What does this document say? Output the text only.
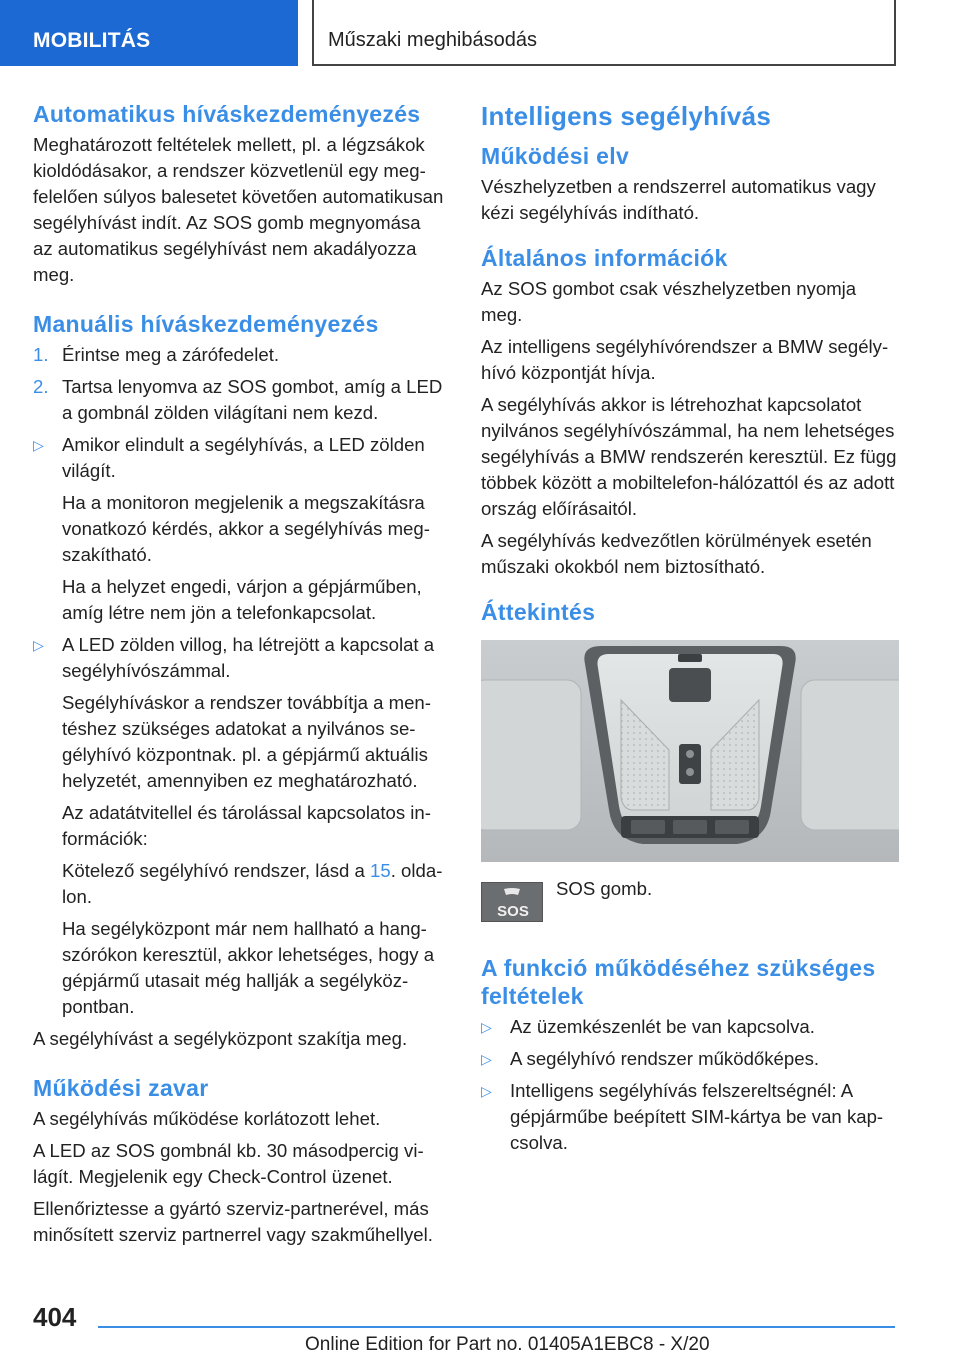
MOBILITÁS	Műszaki meghibásodás
Automatikus híváskezdeményezés

Meghatározott feltételek mellett, pl. a légzsákok kioldódásakor, a rendszer közvetlenül egy megfelelően súlyos balesetet követően automatikusan segélyhívást indít. Az SOS gomb megnyomása az automatikus segélyhívást nem akadályozza meg.

Manuális híváskezdeményezés
1. Érintse meg a zárófedelet.
2. Tartsa lenyomva az SOS gombot, amíg a LED a gombnál zölden világítani nem kezd.
▷ Amikor elindult a segélyhívás, a LED zölden világít.

Ha a monitoron megjelenik a megszakításra vonatkozó kérdés, akkor a segélyhívás megszakítható.

Ha a helyzet engedi, várjon a gépjárműben, amíg létre nem jön a telefonkapcsolat.

▷ A LED zölden villog, ha létrejött a kapcsolat a segélyhívószámmal.

Segélyhíváskor a rendszer továbbítja a mentéshez szükséges adatokat a nyilvános segélyhívó központnak. pl. a gépjármű aktuális helyzetét, amennyiben ez meghatározható.

Az adatátvitellel és tárolással kapcsolatos információk:

Kötelező segélyhívó rendszer, lásd a 15. oldalon.

Ha segélyközpont már nem hallható a hangszórókon keresztül, akkor lehetséges, hogy a gépjármű utasait még hallják a segélyközpontban.

A segélyhívást a segélyközpont szakítja meg.

Működési zavar

A segélyhívás működése korlátozott lehet.

A LED az SOS gombnál kb. 30 másodpercig világít. Megjelenik egy Check-Control üzenet.

Ellenőriztesse a gyártó szerviz-partnerével, más minősített szerviz partnerrel vagy szakműhellyel.

Intelligens segélyhívás
Működési elv

Vészhelyzetben a rendszerrel automatikus vagy kézi segélyhívás indítható.

Általános információk

Az SOS gombot csak vészhelyzetben nyomja meg.

Az intelligens segélyhívórendszer a BMW segélyhívó központját hívja.

A segélyhívás akkor is létrehozhat kapcsolatot nyilvános segélyhívószámmal, ha nem lehetséges segélyhívás a BMW rendszerén keresztül. Ez függ többek között a mobiltelefon-hálózattól és az adott ország előírásaitól.

A segélyhívás kedvezőtlen körülmények esetén műszaki okokból nem biztosítható.

Áttekintés
SOS
SOS gomb.
A funkció működéséhez szükséges feltételek
▷ Az üzemkészenlét be van kapcsolva.
▷ A segélyhívó rendszer működőképes.
▷ Intelligens segélyhívás felszereltségnél: A gépjárműbe beépített SIM-kártya be van kapcsolva.
404
Online Edition for Part no. 01405A1EBC8 - X/20
